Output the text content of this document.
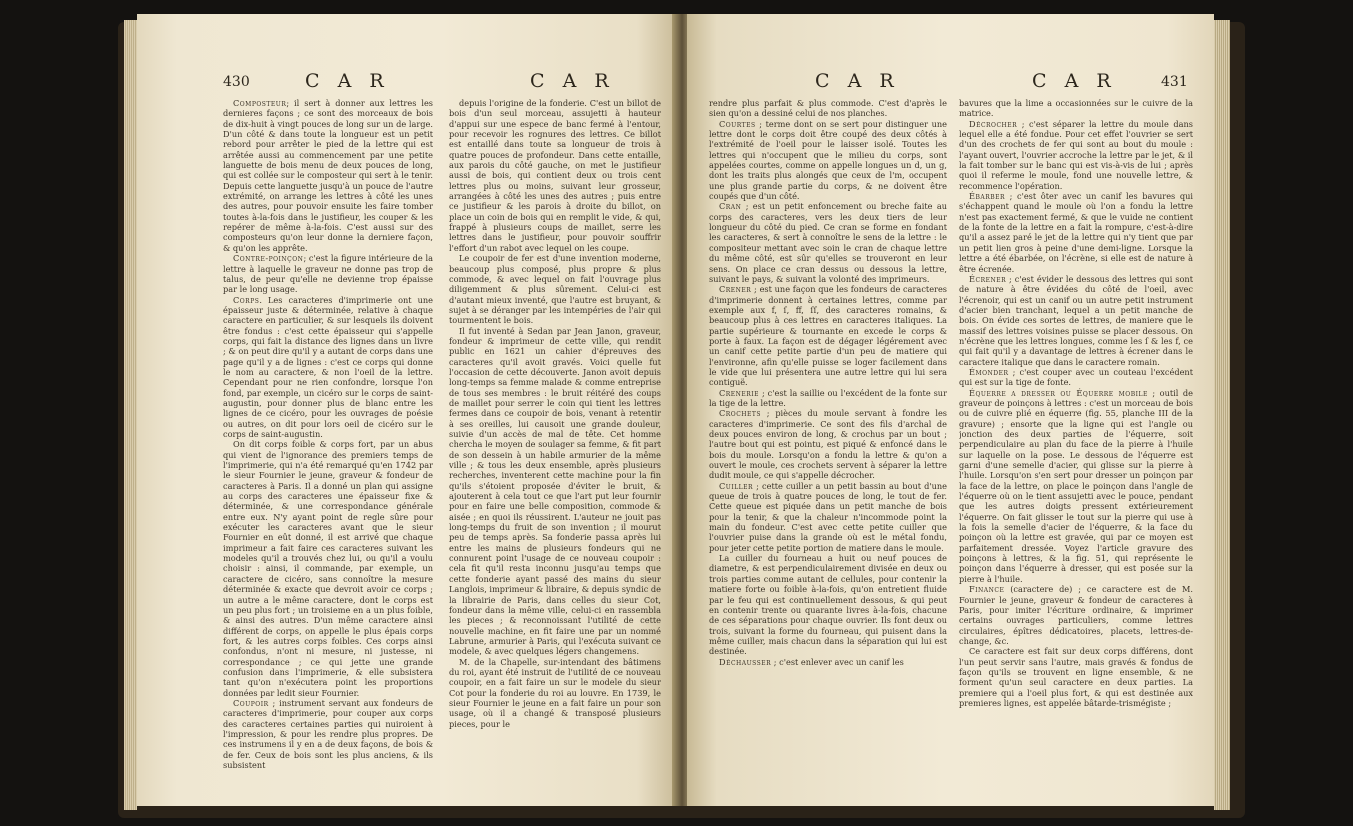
430	C A R	C A R

Composteur; il sert à donner aux lettres les dernieres façons ; ce sont des morceaux de bois de dix-huit à vingt pouces de long sur un de large. D'un côté & dans toute la longueur est un petit rebord pour arrêter le pied de la lettre qui est arrêtée aussi au commencement par une petite languette de bois menu de deux pouces de long, qui est collée sur le composteur qui sert à le tenir. Depuis cette languette jusqu'à un pouce de l'autre extrémité, on arrange les lettres à côté les unes des autres, pour pouvoir ensuite les faire tomber toutes à-la-fois dans le justifieur, les couper & les repérer de même à-la-fois. C'est aussi sur des composteurs qu'on leur donne la derniere façon, & qu'on les apprête.

Contre-poinçon; c'est la figure intérieure de la lettre à laquelle le graveur ne donne pas trop de talus, de peur qu'elle ne devienne trop épaisse par le long usage.

Corps. Les caracteres d'imprimerie ont une épaisseur juste & déterminée, relative à chaque caractere en particulier, & sur lesquels ils doivent être fondus : c'est cette épaisseur qui s'appelle corps, qui fait la distance des lignes dans un livre ; & on peut dire qu'il y a autant de corps dans une page qu'il y a de lignes : c'est ce corps qui donne le nom au caractere, & non l'oeil de la lettre. Cependant pour ne rien confondre, lorsque l'on fond, par exemple, un cicéro sur le corps de saint-augustin, pour donner plus de blanc entre les lignes de ce cicéro, pour les ouvrages de poésie ou autres, on dit pour lors oeil de cicéro sur le corps de saint-augustin.

On dit corps foible & corps fort, par un abus qui vient de l'ignorance des premiers temps de l'imprimerie, qui n'a été remarqué qu'en 1742 par le sieur Fournier le jeune, graveur & fondeur de caracteres à Paris. Il a donné un plan qui assigne au corps des caracteres une épaisseur fixe & déterminée, & une correspondance générale entre eux. N'y ayant point de regle sûre pour exécuter les caracteres avant que le sieur Fournier en eût donné, il est arrivé que chaque imprimeur a fait faire ces caracteres suivant les modeles qu'il a trouvés chez lui, ou qu'il a voulu choisir : ainsi, il commande, par exemple, un caractere de cicéro, sans connoître la mesure déterminée & exacte que devroit avoir ce corps ; un autre a le même caractere, dont le corps est un peu plus fort ; un troisieme en a un plus foible, & ainsi des autres. D'un même caractere ainsi différent de corps, on appelle le plus épais corps fort, & les autres corps foibles. Ces corps ainsi confondus, n'ont ni mesure, ni justesse, ni correspondance ; ce qui jette une grande confusion dans l'imprimerie, & elle subsistera tant qu'on n'exécutera point les proportions données par ledit sieur Fournier.

Coupoir ; instrument servant aux fondeurs de caracteres d'imprimerie, pour couper aux corps des caracteres certaines parties qui nuiroient à l'impression, & pour les rendre plus propres. De ces instrumens il y en a de deux façons, de bois & de fer. Ceux de bois sont les plus anciens, & ils subsistent

depuis l'origine de la fonderie. C'est un billot de bois d'un seul morceau, assujetti à hauteur d'appui sur une espece de banc fermé à l'entour, pour recevoir les rognures des lettres. Ce billot est entaillé dans toute sa longueur de trois à quatre pouces de profondeur. Dans cette entaille, aux parois du côté gauche, on met le justifieur aussi de bois, qui contient deux ou trois cent lettres plus ou moins, suivant leur grosseur, arrangées à côté les unes des autres ; puis entre ce justifieur & les parois à droite du billot, on place un coin de bois qui en remplit le vide, & qui, frappé à plusieurs coups de maillet, serre les lettres dans le justifieur, pour pouvoir souffrir l'effort d'un rabot avec lequel on les coupe.

Le coupoir de fer est d'une invention moderne, beaucoup plus composé, plus propre & plus commode, & avec lequel on fait l'ouvrage plus diligemment & plus sûrement. Celui-ci est d'autant mieux inventé, que l'autre est bruyant, & sujet à se déranger par les intempéries de l'air qui tourmentent le bois.

Il fut inventé à Sedan par Jean Janon, graveur, fondeur & imprimeur de cette ville, qui rendit public en 1621 un cahier d'épreuves des caracteres qu'il avoit gravés. Voici quelle fut l'occasion de cette découverte. Janon avoit depuis long-temps sa femme malade & comme entreprise de tous ses membres : le bruit réitéré des coups de maillet pour serrer le coin qui tient les lettres fermes dans ce coupoir de bois, venant à retentir à ses oreilles, lui causoit une grande douleur, suivie d'un accès de mal de tête. Cet homme chercha le moyen de soulager sa femme, & fit part de son dessein à un habile armurier de la même ville ; & tous les deux ensemble, après plusieurs recherches, inventerent cette machine pour la fin qu'ils s'étoient proposée d'éviter le bruit, & ajouterent à cela tout ce que l'art put leur fournir pour en faire une belle composition, commode & aisée ; en quoi ils réussirent. L'auteur ne jouit pas long-temps du fruit de son invention ; il mourut peu de temps après. Sa fonderie passa après lui entre les mains de plusieurs fondeurs qui ne connurent point l'usage de ce nouveau coupoir : cela fit qu'il resta inconnu jusqu'au temps que cette fonderie ayant passé des mains du sieur Langlois, imprimeur & libraire, & depuis syndic de la librairie de Paris, dans celles du sieur Cot, fondeur dans la même ville, celui-ci en rassembla les pieces ; & reconnoissant l'utilité de cette nouvelle machine, en fit faire une par un nommé Labrune, armurier à Paris, qui l'exécuta suivant ce modele, & avec quelques légers changemens.

M. de la Chapelle, sur-intendant des bâtimens du roi, ayant été instruit de l'utilité de ce nouveau coupoir, en a fait faire un sur le modele du sieur Cot pour la fonderie du roi au louvre. En 1739, le sieur Fournier le jeune en a fait faire un pour son usage, où il a changé & transposé plusieurs pieces, pour le

C A R	C A R	431

rendre plus parfait & plus commode. C'est d'après le sien qu'on a dessiné celui de nos planches.

Courtes ; terme dont on se sert pour distinguer une lettre dont le corps doit être coupé des deux côtés à l'extrémité de l'oeil pour le laisser isolé. Toutes les lettres qui n'occupent que le milieu du corps, sont appelées courtes, comme on appelle longues un d, un g, dont les traits plus alongés que ceux de l'm, occupent une plus grande partie du corps, & ne doivent être coupés que d'un côté.

Cran ; est un petit enfoncement ou breche faite au corps des caracteres, vers les deux tiers de leur longueur du côté du pied. Ce cran se forme en fondant les caracteres, & sert à connoître le sens de la lettre : le compositeur mettant avec soin le cran de chaque lettre du même côté, est sûr qu'elles se trouveront en leur sens. On place ce cran dessus ou dessous la lettre, suivant le pays, & suivant la volonté des imprimeurs.

Crener ; est une façon que les fondeurs de caracteres d'imprimerie donnent à certaines lettres, comme par exemple aux f, ſ, ff, ſſ, des caracteres romains, & beaucoup plus à ces lettres en caracteres italiques. La partie supérieure & tournante en excede le corps & porte à faux. La façon est de dégager légérement avec un canif cette petite partie d'un peu de matiere qui l'environne, afin qu'elle puisse se loger facilement dans le vide que lui présentera une autre lettre qui lui sera contiguë.

Crenerie ; c'est la saillie ou l'excédent de la fonte sur la tige de la lettre.

Crochets ; pièces du moule servant à fondre les caracteres d'imprimerie. Ce sont des fils d'archal de deux pouces environ de long, & crochus par un bout ; l'autre bout qui est pointu, est piqué & enfoncé dans le bois du moule. Lorsqu'on a fondu la lettre & qu'on a ouvert le moule, ces crochets servent à séparer la lettre dudit moule, ce qui s'appelle décrocher.

Cuiller ; cette cuiller a un petit bassin au bout d'une queue de trois à quatre pouces de long, le tout de fer. Cette queue est piquée dans un petit manche de bois pour la tenir, & que la chaleur n'incommode point la main du fondeur. C'est avec cette petite cuiller que l'ouvrier puise dans la grande où est le métal fondu, pour jeter cette petite portion de matiere dans le moule.

La cuiller du fourneau a huit ou neuf pouces de diametre, & est perpendiculairement divisée en deux ou trois parties comme autant de cellules, pour contenir la matiere forte ou foible à-la-fois, qu'on entretient fluide par le feu qui est continuellement dessous, & qui peut en contenir trente ou quarante livres à-la-fois, chacune de ces séparations pour chaque ouvrier. Ils font deux ou trois, suivant la forme du fourneau, qui puisent dans la même cuiller, mais chacun dans la séparation qui lui est destinée.

Déchausser ; c'est enlever avec un canif les

bavures que la lime a occasionnées sur le cuivre de la matrice.

Décrocher ; c'est séparer la lettre du moule dans lequel elle a été fondue. Pour cet effet l'ouvrier se sert d'un des crochets de fer qui sont au bout du moule : l'ayant ouvert, l'ouvrier accroche la lettre par le jet, & il la fait tomber sur le banc qui est vis-à-vis de lui ; après quoi il referme le moule, fond une nouvelle lettre, & recommence l'opération.

Ébarber ; c'est ôter avec un canif les bavures qui s'échappent quand le moule où l'on a fondu la lettre n'est pas exactement fermé, & que le vuide ne contient de la fonte de la lettre en a fait la rompure, c'est-à-dire qu'il a assez paré le jet de la lettre qui n'y tient que par un petit lien gros à peine d'une demi-ligne. Lorsque la lettre a été ébarbée, on l'écrène, si elle est de nature à être écrenée.

Écrener ; c'est évider le dessous des lettres qui sont de nature à être évidées du côté de l'oeil, avec l'écrenoir, qui est un canif ou un autre petit instrument d'acier bien tranchant, lequel a un petit manche de bois. On évide ces sortes de lettres, de maniere que le massif des lettres voisines puisse se placer dessous. On n'écrène que les lettres longues, comme les ſ & les f, ce qui fait qu'il y a davantage de lettres à écrener dans le caractere italique que dans le caractere romain.

Émonder ; c'est couper avec un couteau l'excédent qui est sur la tige de fonte.

Équerre a dresser ou Équerre mobile ; outil de graveur de poinçons à lettres : c'est un morceau de bois ou de cuivre plié en équerre (fig. 55, planche III de la gravure) ; ensorte que la ligne qui est l'angle ou jonction des deux parties de l'équerre, soit perpendiculaire au plan du face de la pierre à l'huile sur laquelle on la pose. Le dessous de l'équerre est garni d'une semelle d'acier, qui glisse sur la pierre à l'huile. Lorsqu'on s'en sert pour dresser un poinçon par la face de la lettre, on place le poinçon dans l'angle de l'équerre où on le tient assujetti avec le pouce, pendant que les autres doigts pressent extérieurement l'équerre. On fait glisser le tout sur la pierre qui use à la fois la semelle d'acier de l'équerre, & la face du poinçon où la lettre est gravée, qui par ce moyen est parfaitement dressée. Voyez l'article gravure des poinçons à lettres, & la fig. 51, qui représente le poinçon dans l'équerre à dresser, qui est posée sur la pierre à l'huile.

Finance (caractere de) ; ce caractere est de M. Fournier le jeune, graveur & fondeur de caracteres à Paris, pour imiter l'écriture ordinaire, & imprimer certains ouvrages particuliers, comme lettres circulaires, épîtres dédicatoires, placets, lettres-de-change, &c.

Ce caractere est fait sur deux corps différens, dont l'un peut servir sans l'autre, mais gravés & fondus de façon qu'ils se trouvent en ligne ensemble, & ne forment qu'un seul caractere en deux parties. La premiere qui a l'oeil plus fort, & qui est destinée aux premieres lignes, est appelée bâtarde-trismégiste ;
